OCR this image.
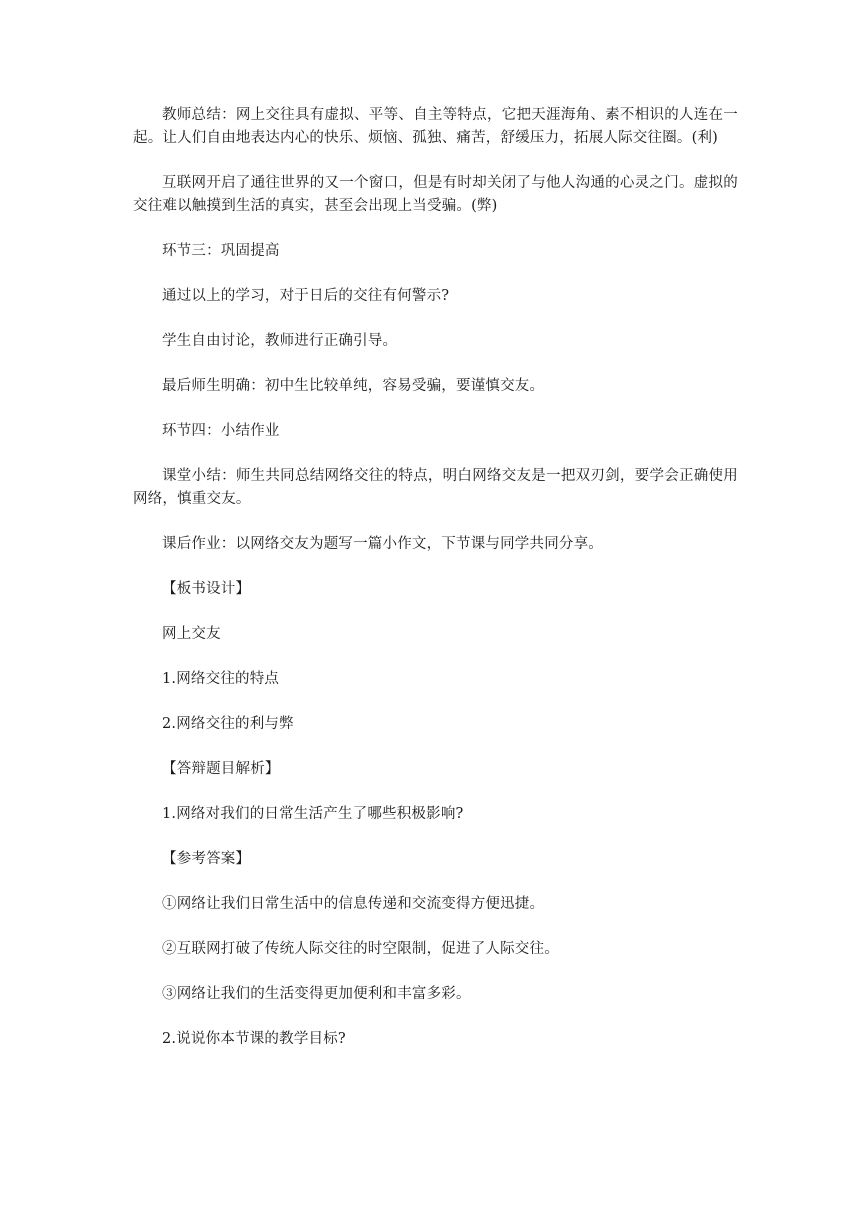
教师总结：网上交往具有虚拟、平等、自主等特点，它把天涯海角、素不相识的人连在一起。让人们自由地表达内心的快乐、烦恼、孤独、痛苦，舒缓压力，拓展人际交往圈。(利)

互联网开启了通往世界的又一个窗口，但是有时却关闭了与他人沟通的心灵之门。虚拟的交往难以触摸到生活的真实，甚至会出现上当受骗。(弊)

环节三：巩固提高

通过以上的学习，对于日后的交往有何警示?

学生自由讨论，教师进行正确引导。

最后师生明确：初中生比较单纯，容易受骗，要谨慎交友。

环节四：小结作业

课堂小结：师生共同总结网络交往的特点，明白网络交友是一把双刃剑，要学会正确使用网络，慎重交友。

课后作业：以网络交友为题写一篇小作文，下节课与同学共同分享。

【板书设计】

网上交友

1.网络交往的特点

2.网络交往的利与弊

【答辩题目解析】

1.网络对我们的日常生活产生了哪些积极影响?

【参考答案】

①网络让我们日常生活中的信息传递和交流变得方便迅捷。

②互联网打破了传统人际交往的时空限制，促进了人际交往。

③网络让我们的生活变得更加便利和丰富多彩。

2.说说你本节课的教学目标?
